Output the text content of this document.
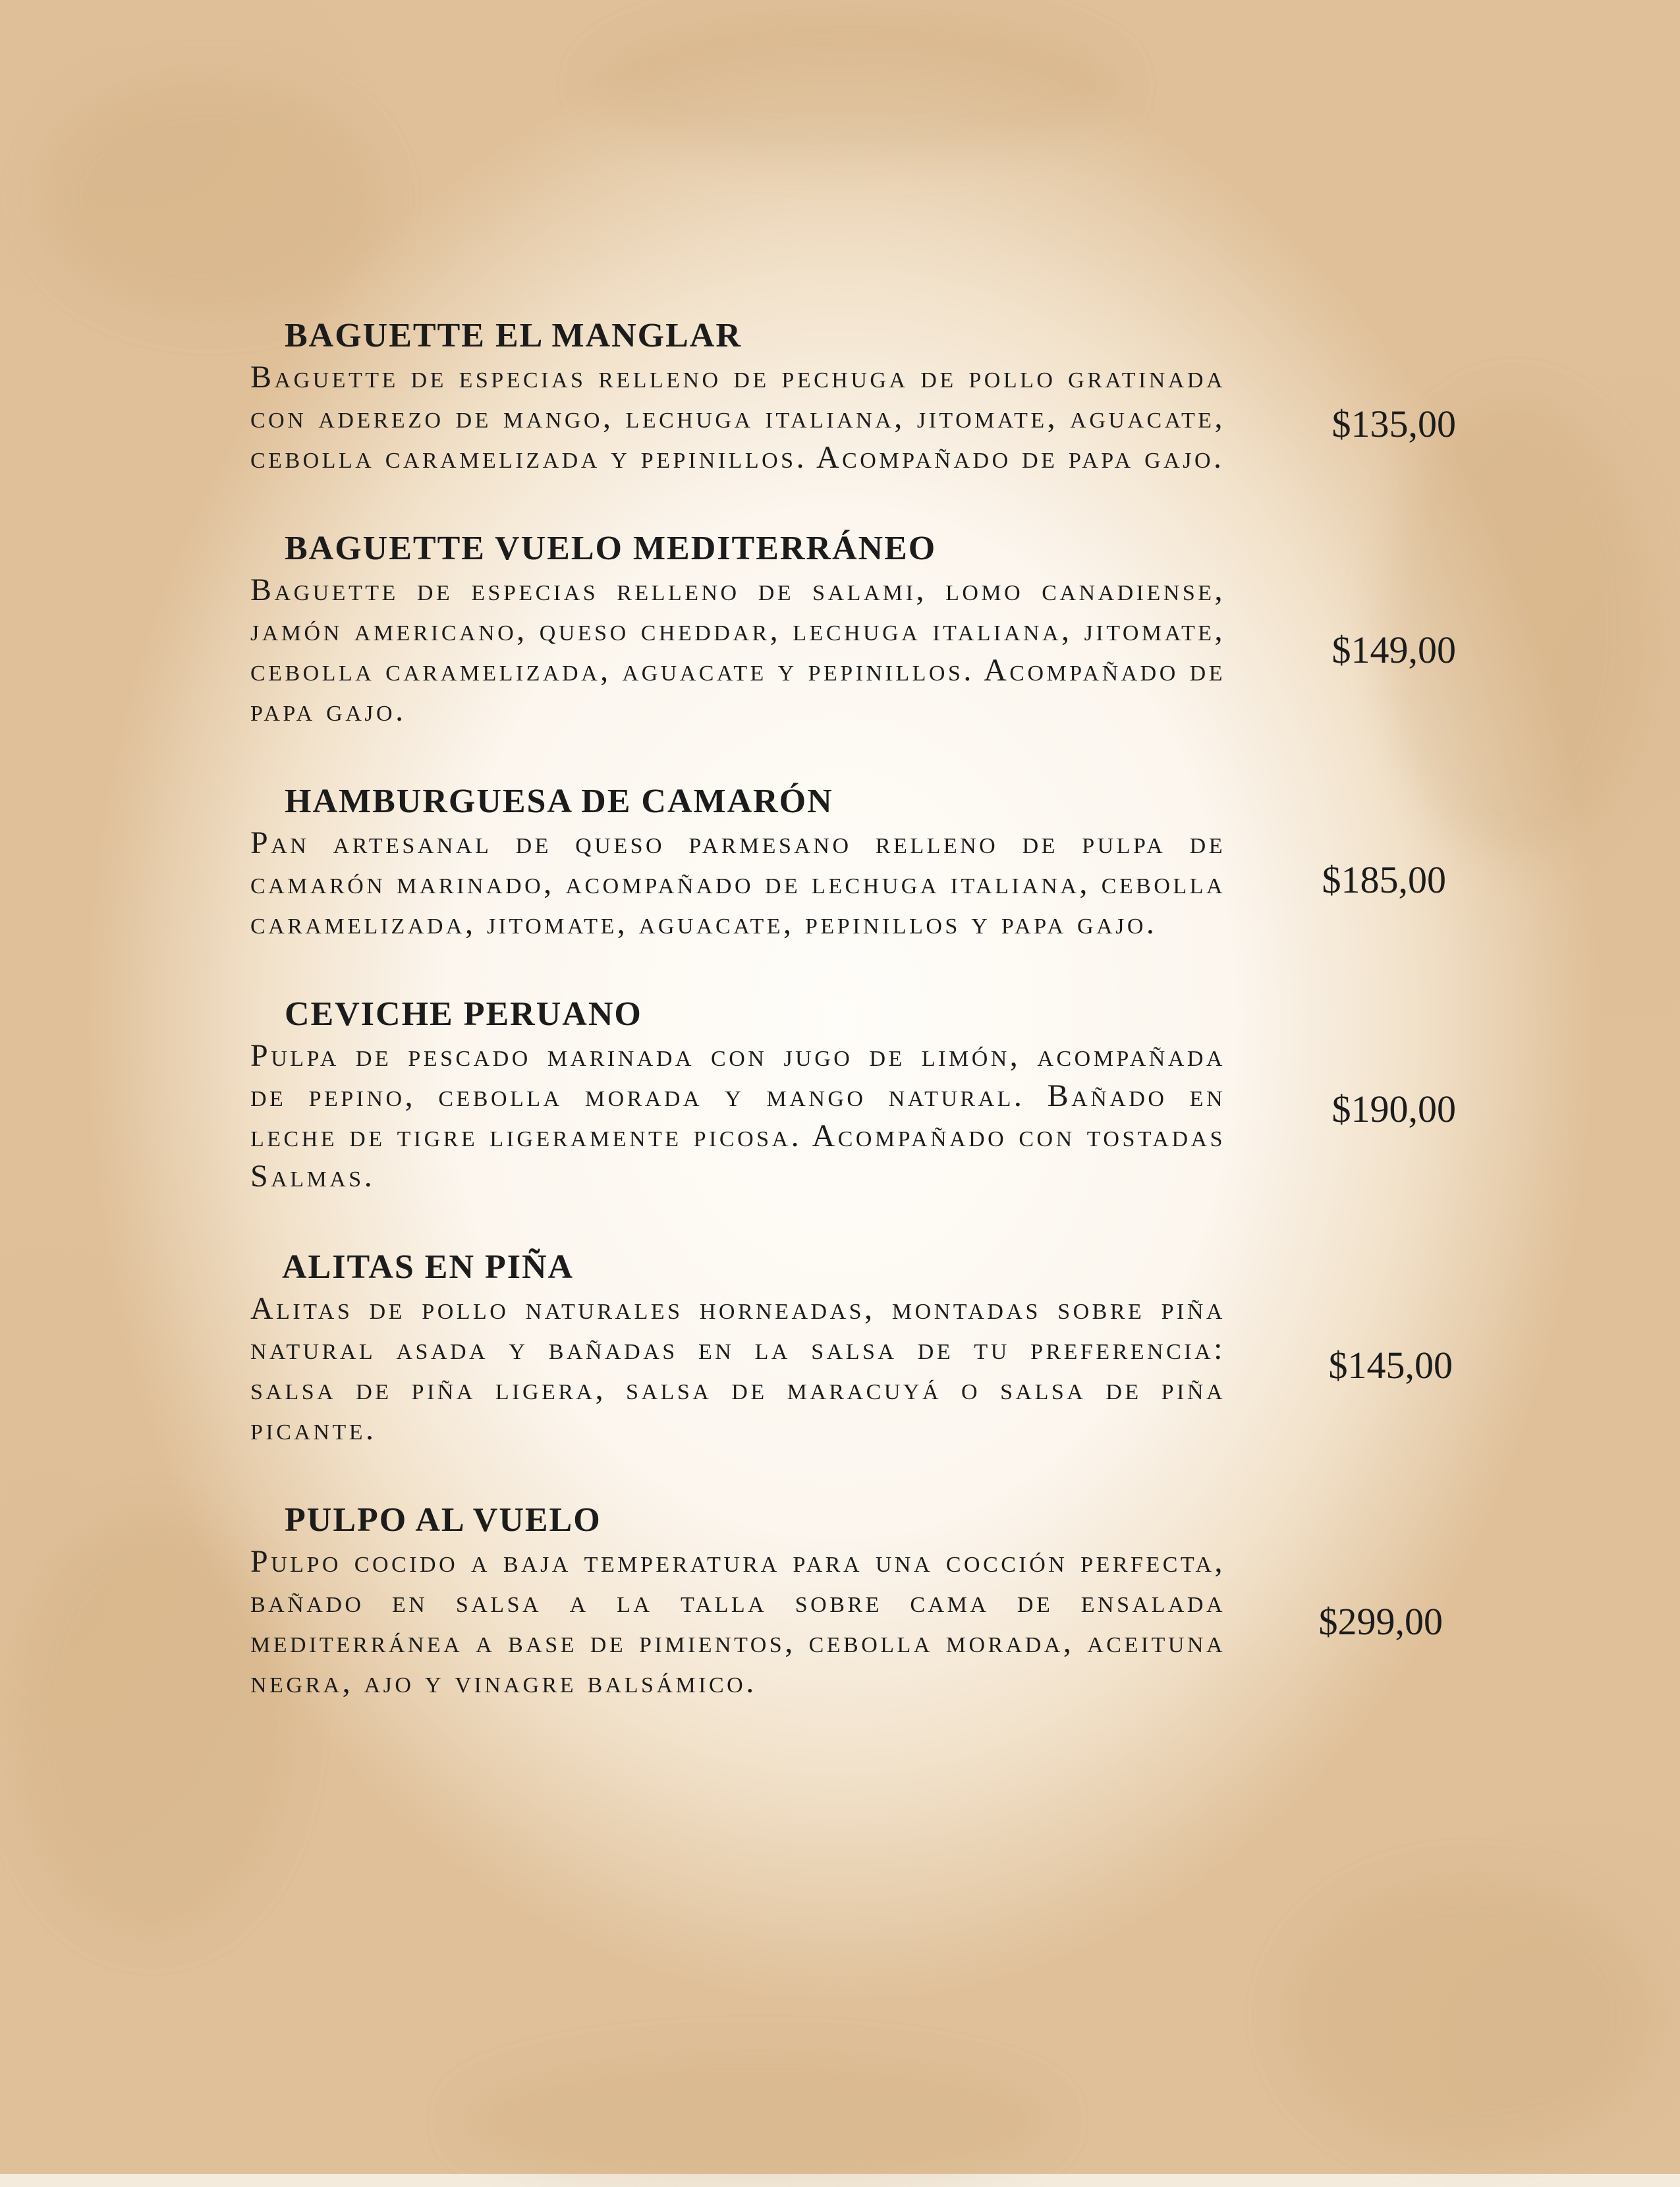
BAGUETTE EL MANGLAR
Baguette de especias relleno de pechuga de pollo gratinada con aderezo de mango, lechuga italiana, jitomate, aguacate, cebolla caramelizada y pepinillos. Acompañado de papa gajo.
$135,00
BAGUETTE VUELO MEDITERRÁNEO
Baguette de especias relleno de salami, lomo canadiense, jamón americano, queso cheddar, lechuga italiana, jitomate, cebolla caramelizada, aguacate y pepinillos. Acompañado de papa gajo.
$149,00
HAMBURGUESA DE CAMARÓN
Pan artesanal de queso parmesano relleno de pulpa de camarón marinado, acompañado de lechuga italiana, cebolla caramelizada, jitomate, aguacate, pepinillos y papa gajo.
$185,00
CEVICHE PERUANO
Pulpa de pescado marinada con jugo de limón, acompañada de pepino, cebolla morada y mango natural. Bañado en leche de tigre ligeramente picosa. Acompañado con tostadas Salmas.
$190,00
ALITAS EN PIÑA
Alitas de pollo naturales horneadas, montadas sobre piña natural asada y bañadas en la salsa de tu preferencia: salsa de piña ligera, salsa de maracuyá o salsa de piña picante.
$145,00
PULPO AL VUELO
Pulpo cocido a baja temperatura para una cocción perfecta, bañado en salsa a la talla sobre cama de ensalada mediterránea a base de pimientos, cebolla morada, aceituna negra, ajo y vinagre balsámico.
$299,00
